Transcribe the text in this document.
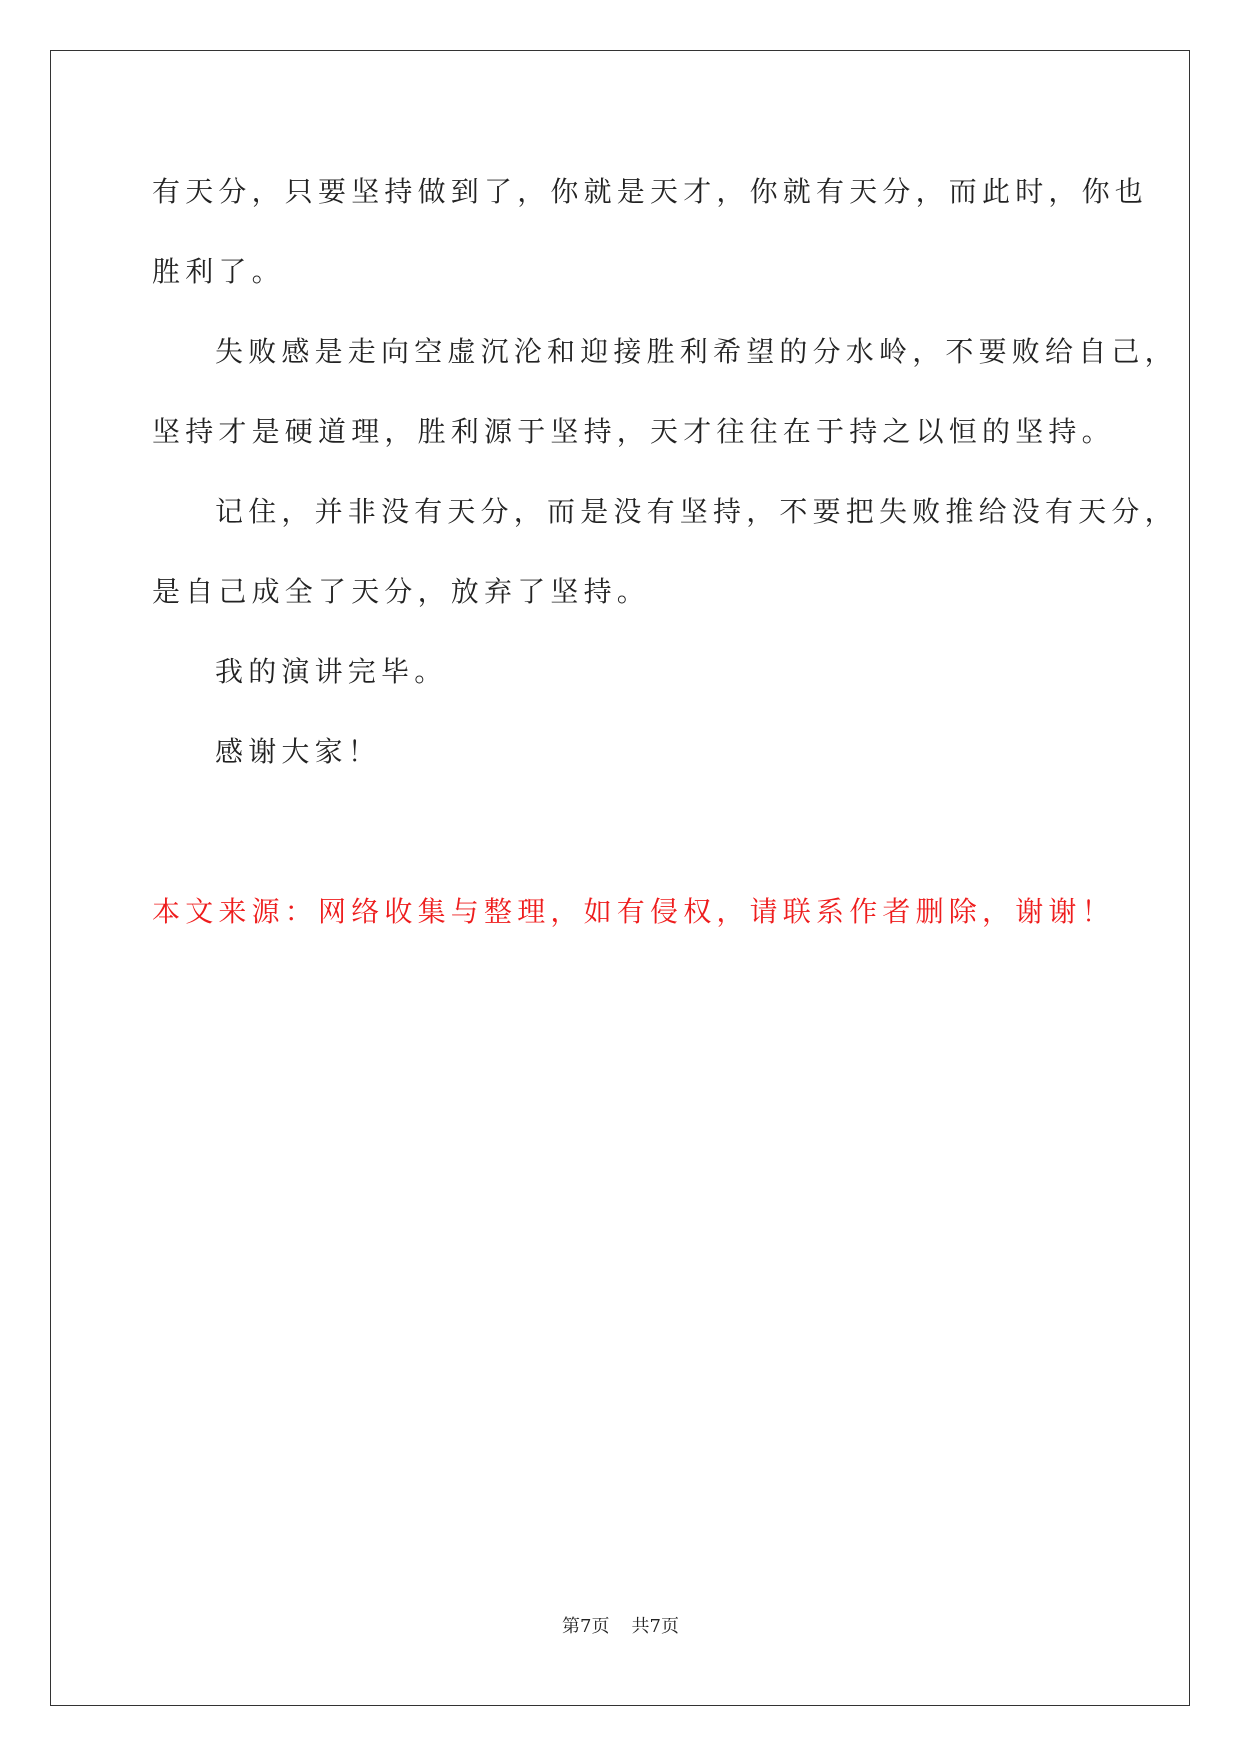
有天分，只要坚持做到了，你就是天才，你就有天分，而此时，你也
胜利了。
失败感是走向空虚沉沦和迎接胜利希望的分水岭，不要败给自己，
坚持才是硬道理，胜利源于坚持，天才往往在于持之以恒的坚持。
记住，并非没有天分，而是没有坚持，不要把失败推给没有天分，
是自己成全了天分，放弃了坚持。
我的演讲完毕。
感谢大家！
本文来源：网络收集与整理，如有侵权，请联系作者删除，谢谢！
第7页 共7页
